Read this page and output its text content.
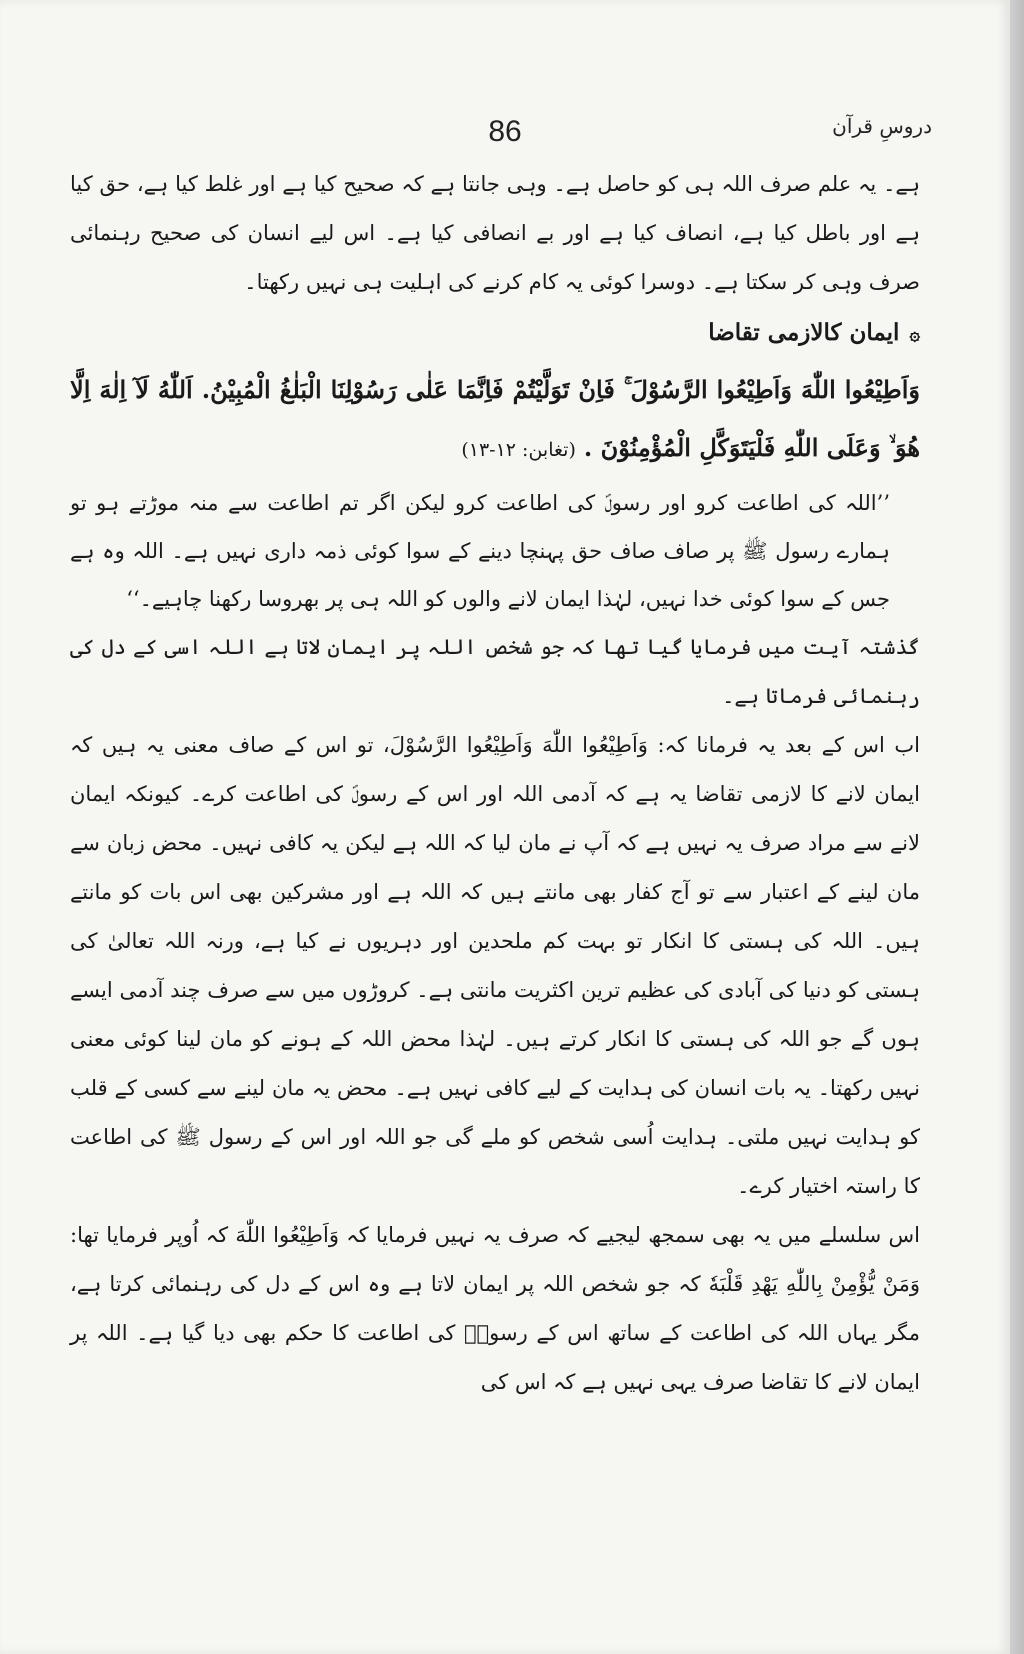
86	دروسِ قرآن

ہے۔ یہ علم صرف اللہ ہی کو حاصل ہے۔ وہی جانتا ہے کہ صحیح کیا ہے اور غلط کیا ہے، حق کیا ہے اور باطل کیا ہے، انصاف کیا ہے اور بے انصافی کیا ہے۔ اس لیے انسان کی صحیح رہنمائی صرف وہی کر سکتا ہے۔ دوسرا کوئی یہ کام کرنے کی اہلیت ہی نہیں رکھتا۔

۞ایمان کالازمی تقاضا

وَاَطِيْعُوا اللّٰهَ وَاَطِيْعُوا الرَّسُوْلَ ۚ فَاِنْ تَوَلَّيْتُمْ فَاِنَّمَا عَلٰى رَسُوْلِنَا الْبَلٰغُ الْمُبِيْنُ. اَللّٰهُ لَآ اِلٰهَ اِلَّا هُوَ ۙ وَعَلَى اللّٰهِ فَلْيَتَوَكَّلِ الْمُؤْمِنُوْنَ .(تغابن: ۱۲-۱۳)

’’اللہ کی اطاعت کرو اور رسولؐ کی اطاعت کرو لیکن اگر تم اطاعت سے منہ موڑتے ہو تو ہمارے رسول ﷺ پر صاف صاف حق پہنچا دینے کے سوا کوئی ذمہ داری نہیں ہے۔ اللہ وہ ہے جس کے سوا کوئی خدا نہیں، لہٰذا ایمان لانے والوں کو اللہ ہی پر بھروسا رکھنا چاہیے۔‘‘

گذشتہ آیت میں فرمایا گیا تھا کہ جو شخص اللہ پر ایمان لاتا ہے اللہ اسی کے دل کی رہنمائی فرماتا ہے۔

اب اس کے بعد یہ فرمانا کہ: وَاَطِيْعُوا اللّٰهَ وَاَطِيْعُوا الرَّسُوْلَ، تو اس کے صاف معنی یہ ہیں کہ ایمان لانے کا لازمی تقاضا یہ ہے کہ آدمی اللہ اور اس کے رسولؐ کی اطاعت کرے۔ کیونکہ ایمان لانے سے مراد صرف یہ نہیں ہے کہ آپ نے مان لیا کہ اللہ ہے لیکن یہ کافی نہیں۔ محض زبان سے مان لینے کے اعتبار سے تو آج کفار بھی مانتے ہیں کہ اللہ ہے اور مشرکین بھی اس بات کو مانتے ہیں۔ اللہ کی ہستی کا انکار تو بہت کم ملحدین اور دہریوں نے کیا ہے، ورنہ اللہ تعالیٰ کی ہستی کو دنیا کی آبادی کی عظیم ترین اکثریت مانتی ہے۔ کروڑوں میں سے صرف چند آدمی ایسے ہوں گے جو اللہ کی ہستی کا انکار کرتے ہیں۔ لہٰذا محض اللہ کے ہونے کو مان لینا کوئی معنی نہیں رکھتا۔ یہ بات انسان کی ہدایت کے لیے کافی نہیں ہے۔ محض یہ مان لینے سے کسی کے قلب کو ہدایت نہیں ملتی۔ ہدایت اُسی شخص کو ملے گی جو اللہ اور اس کے رسول ﷺ کی اطاعت کا راستہ اختیار کرے۔

اس سلسلے میں یہ بھی سمجھ لیجیے کہ صرف یہ نہیں فرمایا کہ وَاَطِيْعُوا اللّٰهَ کہ اُوپر فرمایا تھا: وَمَنْ يُّؤْمِنْ بِاللّٰهِ يَهْدِ قَلْبَهٗ کہ جو شخص اللہ پر ایمان لاتا ہے وہ اس کے دل کی رہنمائی کرتا ہے، مگر یہاں اللہ کی اطاعت کے ساتھ اس کے رسولؐ کی اطاعت کا حکم بھی دیا گیا ہے۔ اللہ پر ایمان لانے کا تقاضا صرف یہی نہیں ہے کہ اس کی
